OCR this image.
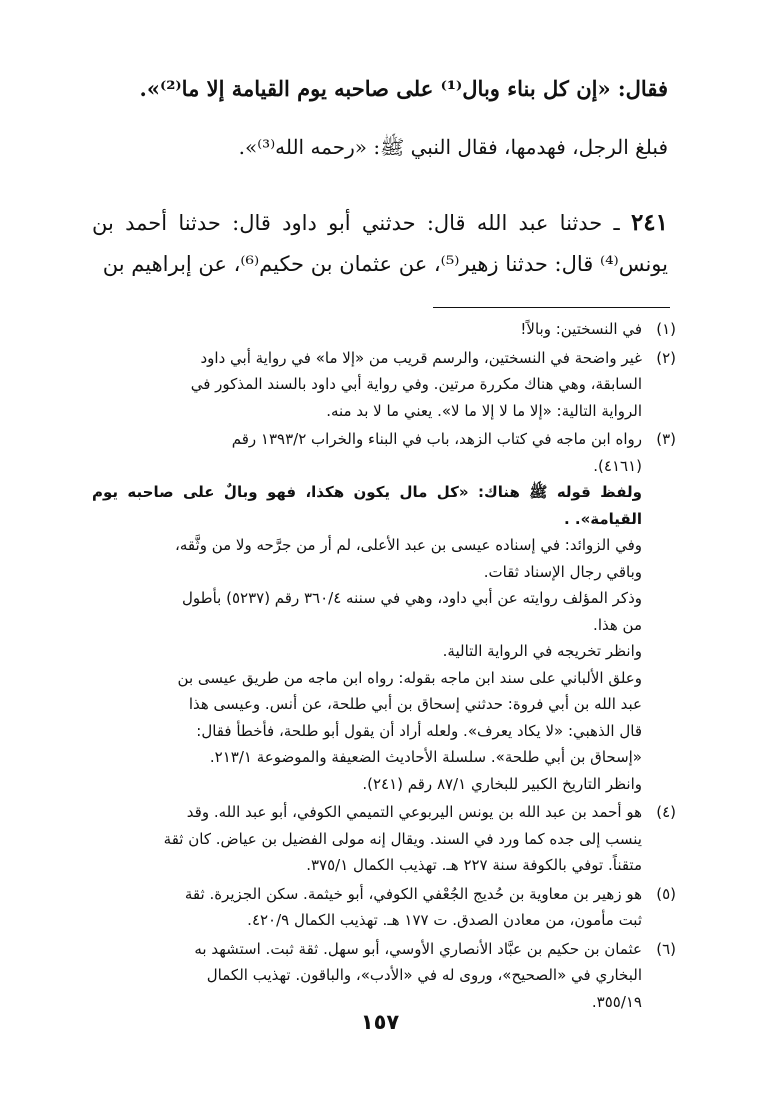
فقال: «إن كل بناء وبال⁽¹⁾ على صاحبه يوم القيامة إلا ما⁽²⁾».

فبلغ الرجل، فهدمها، فقال النبي ﷺ: «رحمه الله⁽³⁾».

٢٤١ ـ حدثنا عبد الله قال: حدثني أبو داود قال: حدثنا أحمد بن يونس⁽⁴⁾ قال: حدثنا زهير⁽⁵⁾، عن عثمان بن حكيم⁽⁶⁾، عن إبراهيم بن

(١)
في النسختين: وبالاً!
(٢)
غير واضحة في النسختين، والرسم قريب من «إلا ما» في رواية أبي داود
السابقة، وهي هناك مكررة مرتين. وفي رواية أبي داود بالسند المذكور في
الرواية التالية: «إلا ما لا إلا ما لا». يعني ما لا بد منه.
(٣)
رواه ابن ماجه في كتاب الزهد، باب في البناء والخراب ١٣٩٣/٢ رقم
(٤١٦١).
ولفظ قوله ﷺ هناك: «كل مال يكون هكذا، فهو وبالٌ على صاحبه يوم القيامة». .
وفي الزوائد: في إسناده عيسى بن عبد الأعلى، لم أر من جرَّحه ولا من وثَّقه،
وباقي رجال الإسناد ثقات.
وذكر المؤلف روايته عن أبي داود، وهي في سننه ٣٦٠/٤ رقم (٥٢٣٧) بأطول
من هذا.
وانظر تخريجه في الرواية التالية.
وعلق الألباني على سند ابن ماجه بقوله: رواه ابن ماجه من طريق عيسى بن
عبد الله بن أبي فروة: حدثني إسحاق بن أبي طلحة، عن أنس. وعيسى هذا
قال الذهبي: «لا يكاد يعرف». ولعله أراد أن يقول أبو طلحة، فأخطأ فقال:
«إسحاق بن أبي طلحة». سلسلة الأحاديث الضعيفة والموضوعة ٢١٣/١.
وانظر التاريخ الكبير للبخاري ٨٧/١ رقم (٢٤١).
(٤)
هو أحمد بن عبد الله بن يونس اليربوعي التميمي الكوفي، أبو عبد الله. وقد
ينسب إلى جده كما ورد في السند. ويقال إنه مولى الفضيل بن عياض. كان ثقة
متقناً. توفي بالكوفة سنة ٢٢٧ هـ. تهذيب الكمال ٣٧٥/١.
(٥)
هو زهير بن معاوية بن حُديج الجُعْفي الكوفي، أبو خيثمة. سكن الجزيرة. ثقة
ثبت مأمون، من معادن الصدق. ت ١٧٧ هـ. تهذيب الكمال ٤٢٠/٩.
(٦)
عثمان بن حكيم بن عبَّاد الأنصاري الأوسي، أبو سهل. ثقة ثبت. استشهد به
البخاري في «الصحيح»، وروى له في «الأدب»، والباقون. تهذيب الكمال
٣٥٥/١٩.
١٥٧
